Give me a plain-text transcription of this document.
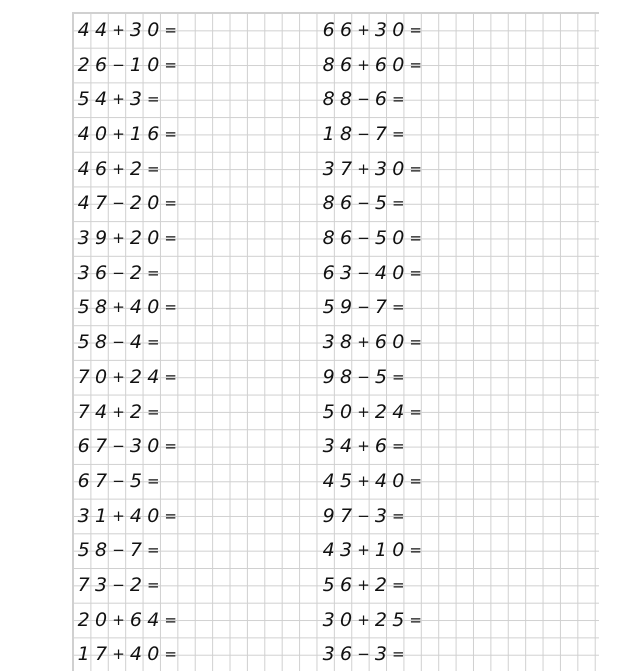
4 4 + 3 0 =
2 6 − 1 0 =
5 4 + 3 =
4 0 + 1 6 =
4 6 + 2 =
4 7 − 2 0 =
3 9 + 2 0 =
3 6 − 2 =
5 8 + 4 0 =
5 8 − 4 =
7 0 + 2 4 =
7 4 + 2 =
6 7 − 3 0 =
6 7 − 5 =
3 1 + 4 0 =
5 8 − 7 =
7 3 − 2 =
2 0 + 6 4 =
1 7 + 4 0 =
6 6 + 3 0 =
8 6 + 6 0 =
8 8 − 6 =
1 8 − 7 =
3 7 + 3 0 =
8 6 − 5 =
8 6 − 5 0 =
6 3 − 4 0 =
5 9 − 7 =
3 8 + 6 0 =
9 8 − 5 =
5 0 + 2 4 =
3 4 + 6 =
4 5 + 4 0 =
9 7 − 3 =
4 3 + 1 0 =
5 6 + 2 =
3 0 + 2 5 =
3 6 − 3 =
